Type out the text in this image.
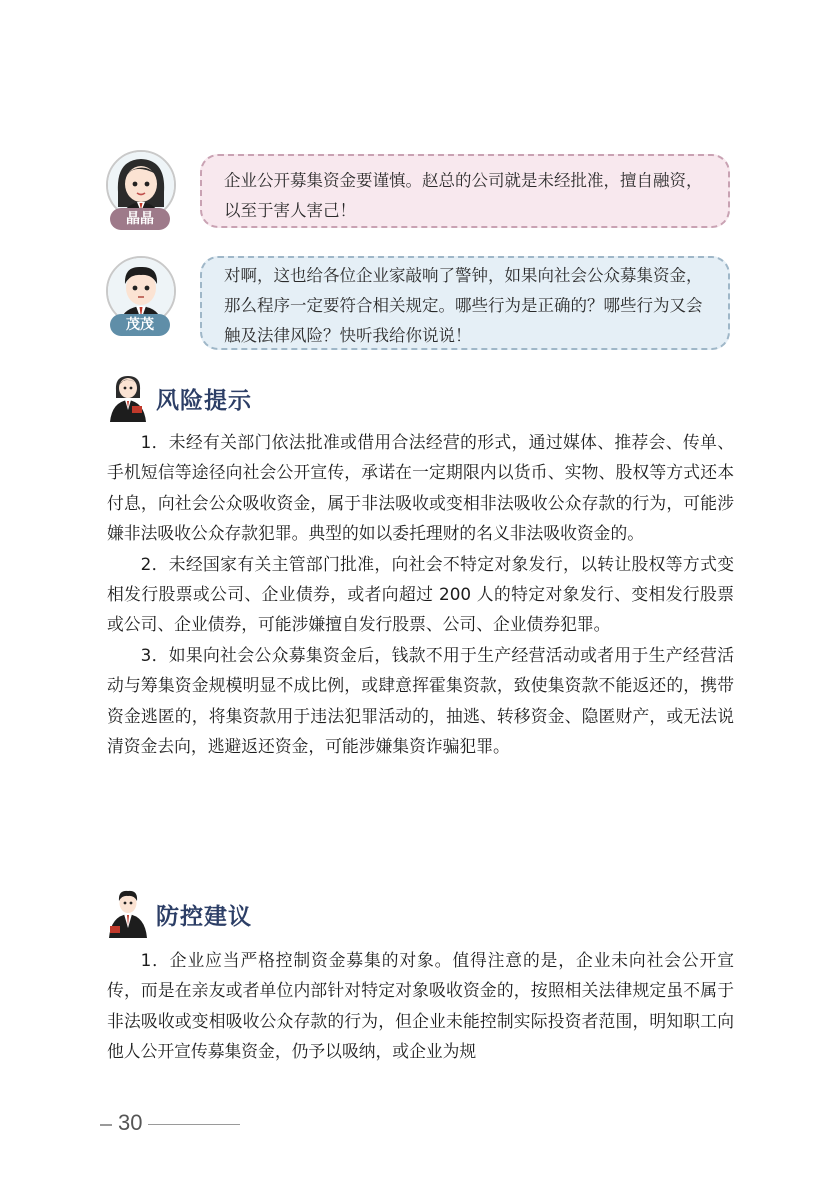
晶晶
企业公开募集资金要谨慎。赵总的公司就是未经批准，擅自融资，以至于害人害己！
茂茂
对啊，这也给各位企业家敲响了警钟，如果向社会公众募集资金，那么程序一定要符合相关规定。哪些行为是正确的？哪些行为又会触及法律风险？快听我给你说说！
风险提示

1．未经有关部门依法批准或借用合法经营的形式，通过媒体、推荐会、传单、手机短信等途径向社会公开宣传，承诺在一定期限内以货币、实物、股权等方式还本付息，向社会公众吸收资金，属于非法吸收或变相非法吸收公众存款的行为，可能涉嫌非法吸收公众存款犯罪。典型的如以委托理财的名义非法吸收资金的。

2．未经国家有关主管部门批准，向社会不特定对象发行，以转让股权等方式变相发行股票或公司、企业债券，或者向超过 200 人的特定对象发行、变相发行股票或公司、企业债券，可能涉嫌擅自发行股票、公司、企业债券犯罪。

3．如果向社会公众募集资金后，钱款不用于生产经营活动或者用于生产经营活动与筹集资金规模明显不成比例，或肆意挥霍集资款，致使集资款不能返还的，携带资金逃匿的，将集资款用于违法犯罪活动的，抽逃、转移资金、隐匿财产，或无法说清资金去向，逃避返还资金，可能涉嫌集资诈骗犯罪。

防控建议

1．企业应当严格控制资金募集的对象。值得注意的是，企业未向社会公开宣传，而是在亲友或者单位内部针对特定对象吸收资金的，按照相关法律规定虽不属于非法吸收或变相吸收公众存款的行为，但企业未能控制实际投资者范围，明知职工向他人公开宣传募集资金，仍予以吸纳，或企业为规

30
